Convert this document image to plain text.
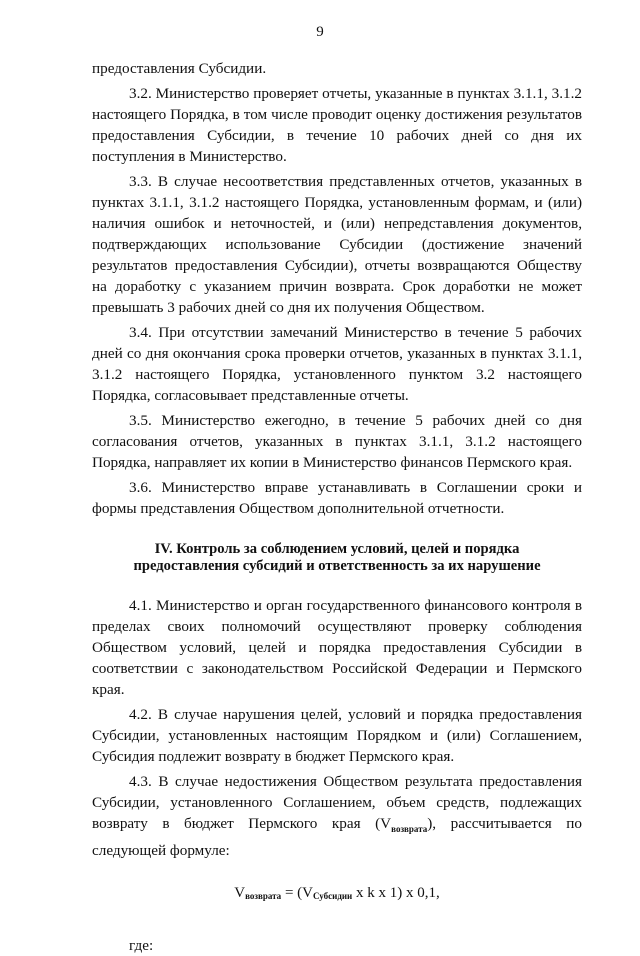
9

предоставления Субсидии.

3.2. Министерство проверяет отчеты, указанные в пунктах 3.1.1, 3.1.2 настоящего Порядка, в том числе проводит оценку достижения результатов предоставления Субсидии, в течение 10 рабочих дней со дня их поступления в Министерство.

3.3. В случае несоответствия представленных отчетов, указанных в пунктах 3.1.1, 3.1.2 настоящего Порядка, установленным формам, и (или) наличия ошибок и неточностей, и (или) непредставления документов, подтверждающих использование Субсидии (достижение значений результатов предоставления Субсидии), отчеты возвращаются Обществу на доработку с указанием причин возврата. Срок доработки не может превышать 3 рабочих дней со дня их получения Обществом.

3.4. При отсутствии замечаний Министерство в течение 5 рабочих дней со дня окончания срока проверки отчетов, указанных в пунктах 3.1.1, 3.1.2 настоящего Порядка, установленного пунктом 3.2 настоящего Порядка, согласовывает представленные отчеты.

3.5. Министерство ежегодно, в течение 5 рабочих дней со дня согласования отчетов, указанных в пунктах 3.1.1, 3.1.2 настоящего Порядка, направляет их копии в Министерство финансов Пермского края.

3.6. Министерство вправе устанавливать в Соглашении сроки и формы представления Обществом дополнительной отчетности.

IV. Контроль за соблюдением условий, целей и порядка
предоставления субсидий и ответственность за их нарушение

4.1. Министерство и орган государственного финансового контроля в пределах своих полномочий осуществляют проверку соблюдения Обществом условий, целей и порядка предоставления Субсидии в соответствии с законодательством Российской Федерации и Пермского края.

4.2. В случае нарушения целей, условий и порядка предоставления Субсидии, установленных настоящим Порядком и (или) Соглашением, Субсидия подлежит возврату в бюджет Пермского края.

4.3. В случае недостижения Обществом результата предоставления Субсидии, установленного Соглашением, объем средств, подлежащих возврату в бюджет Пермского края $(V_{возврата})$, рассчитывается по следующей формуле:

$V_{возврата} = (V_{Субсидии}$ x k x 1) x 0,1,
где:
